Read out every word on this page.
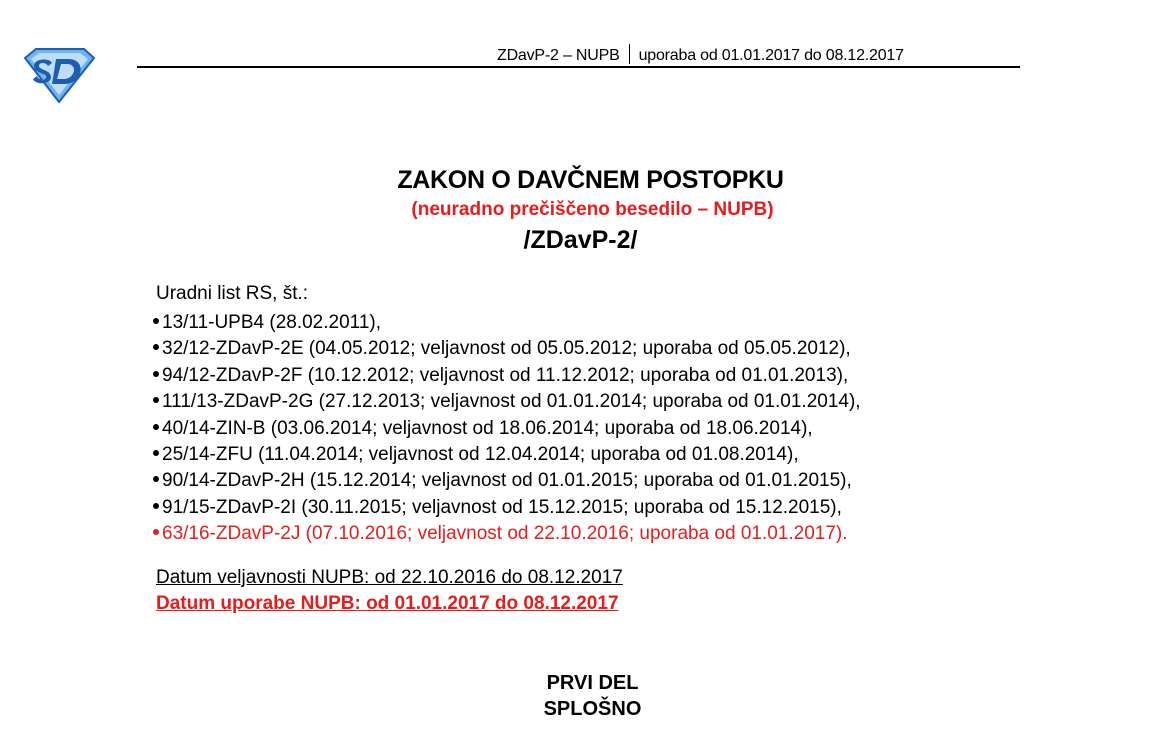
ZDavP-2 – NUPB uporaba od 01.01.2017 do 08.12.2017
ZAKON O DAVČNEM POSTOPKU
(neuradno prečiščeno besedilo – NUPB)
/ZDavP-2/
Uradni list RS, št.:
13/11-UPB4 (28.02.2011),
32/12-ZDavP-2E (04.05.2012; veljavnost od 05.05.2012; uporaba od 05.05.2012),
94/12-ZDavP-2F (10.12.2012; veljavnost od 11.12.2012; uporaba od 01.01.2013),
111/13-ZDavP-2G (27.12.2013; veljavnost od 01.01.2014; uporaba od 01.01.2014),
40/14-ZIN-B (03.06.2014; veljavnost od 18.06.2014; uporaba od 18.06.2014),
25/14-ZFU (11.04.2014; veljavnost od 12.04.2014; uporaba od 01.08.2014),
90/14-ZDavP-2H (15.12.2014; veljavnost od 01.01.2015; uporaba od 01.01.2015),
91/15-ZDavP-2I (30.11.2015; veljavnost od 15.12.2015; uporaba od 15.12.2015),
63/16-ZDavP-2J (07.10.2016; veljavnost od 22.10.2016; uporaba od 01.01.2017).
Datum veljavnosti NUPB: od 22.10.2016 do 08.12.2017
Datum uporabe NUPB: od 01.01.2017 do 08.12.2017
PRVI DEL
SPLOŠNO
